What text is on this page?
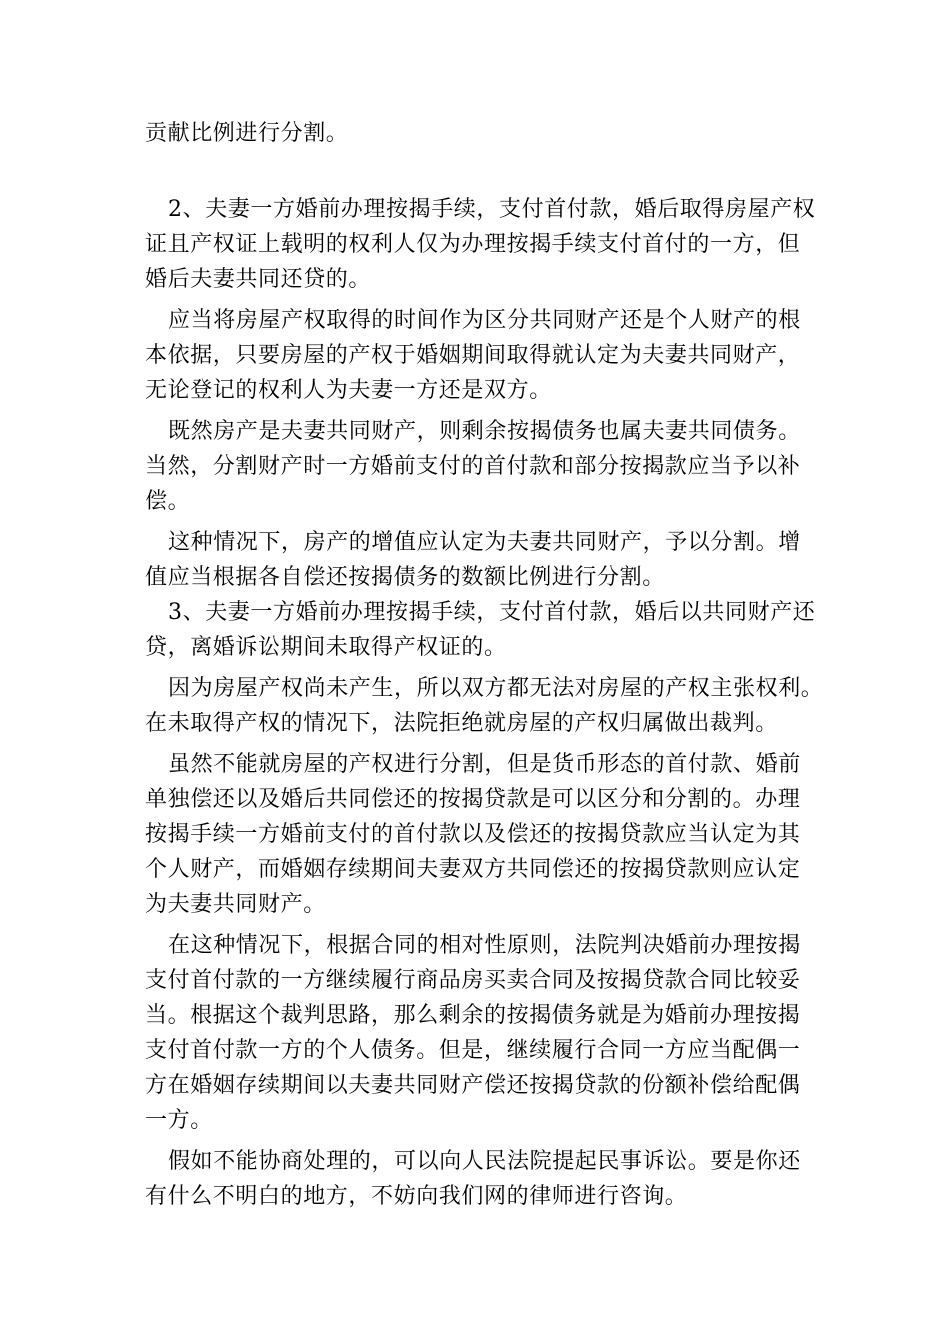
贡献比例进行分割。
2、夫妻一方婚前办理按揭手续，支付首付款，婚后取得房屋产权
证且产权证上载明的权利人仅为办理按揭手续支付首付的一方，但
婚后夫妻共同还贷的。
应当将房屋产权取得的时间作为区分共同财产还是个人财产的根
本依据，只要房屋的产权于婚姻期间取得就认定为夫妻共同财产，
无论登记的权利人为夫妻一方还是双方。
既然房产是夫妻共同财产，则剩余按揭债务也属夫妻共同债务。
当然，分割财产时一方婚前支付的首付款和部分按揭款应当予以补
偿。
这种情况下，房产的增值应认定为夫妻共同财产，予以分割。增
值应当根据各自偿还按揭债务的数额比例进行分割。
3、夫妻一方婚前办理按揭手续，支付首付款，婚后以共同财产还
贷，离婚诉讼期间未取得产权证的。
因为房屋产权尚未产生，所以双方都无法对房屋的产权主张权利。
在未取得产权的情况下，法院拒绝就房屋的产权归属做出裁判。
虽然不能就房屋的产权进行分割，但是货币形态的首付款、婚前
单独偿还以及婚后共同偿还的按揭贷款是可以区分和分割的。办理
按揭手续一方婚前支付的首付款以及偿还的按揭贷款应当认定为其
个人财产，而婚姻存续期间夫妻双方共同偿还的按揭贷款则应认定
为夫妻共同财产。
在这种情况下，根据合同的相对性原则，法院判决婚前办理按揭
支付首付款的一方继续履行商品房买卖合同及按揭贷款合同比较妥
当。根据这个裁判思路，那么剩余的按揭债务就是为婚前办理按揭
支付首付款一方的个人债务。但是，继续履行合同一方应当配偶一
方在婚姻存续期间以夫妻共同财产偿还按揭贷款的份额补偿给配偶
一方。
假如不能协商处理的，可以向人民法院提起民事诉讼。要是你还
有什么不明白的地方，不妨向我们网的律师进行咨询。
